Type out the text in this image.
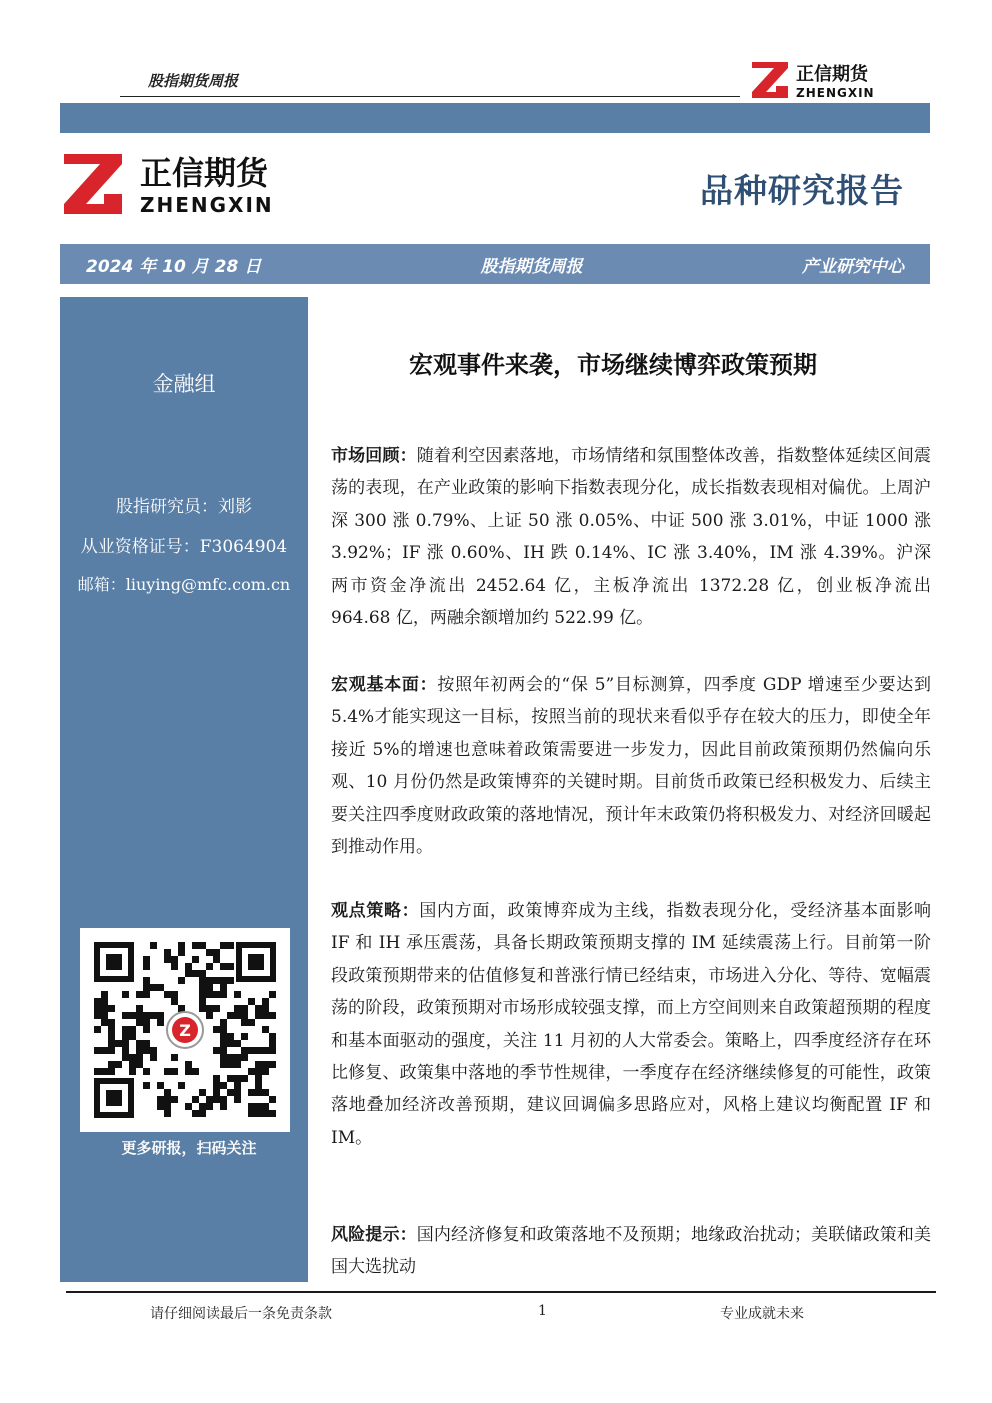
股指期货周报	正信期货
ZHENGXIN
正信期货
ZHENGXIN	品种研究报告
2024 年 10 月 28 日	股指期货周报	产业研究中心
金融组
股指研究员：刘影
从业资格证号：F3064904
邮箱：liuying@mfc.com.cn
Z
更多研报，扫码关注
宏观事件来袭，市场继续博弈政策预期
市场回顾：随着利空因素落地，市场情绪和氛围整体改善，指数整体延续区间震荡的表现，在产业政策的影响下指数表现分化，成长指数表现相对偏优。上周沪深 300 涨 0.79%、上证 50 涨 0.05%、中证 500 涨 3.01%，中证 1000 涨 3.92%；IF 涨 0.60%、IH 跌 0.14%、IC 涨 3.40%，IM 涨 4.39%。沪深两市资金净流出 2452.64 亿，主板净流出 1372.28 亿，创业板净流出 964.68 亿，两融余额增加约 522.99 亿。
宏观基本面：按照年初两会的“保 5”目标测算，四季度 GDP 增速至少要达到 5.4%才能实现这一目标，按照当前的现状来看似乎存在较大的压力，即使全年接近 5%的增速也意味着政策需要进一步发力，因此目前政策预期仍然偏向乐观、10 月份仍然是政策博弈的关键时期。目前货币政策已经积极发力、后续主要关注四季度财政政策的落地情况，预计年末政策仍将积极发力、对经济回暖起到推动作用。
观点策略：国内方面，政策博弈成为主线，指数表现分化，受经济基本面影响 IF 和 IH 承压震荡，具备长期政策预期支撑的 IM 延续震荡上行。目前第一阶段政策预期带来的估值修复和普涨行情已经结束，市场进入分化、等待、宽幅震荡的阶段，政策预期对市场形成较强支撑，而上方空间则来自政策超预期的程度和基本面驱动的强度，关注 11 月初的人大常委会。策略上，四季度经济存在环比修复、政策集中落地的季节性规律，一季度存在经济继续修复的可能性，政策落地叠加经济改善预期，建议回调偏多思路应对，风格上建议均衡配置 IF 和 IM。
风险提示：国内经济修复和政策落地不及预期；地缘政治扰动；美联储政策和美国大选扰动
请仔细阅读最后一条免责条款	1	专业成就未来
